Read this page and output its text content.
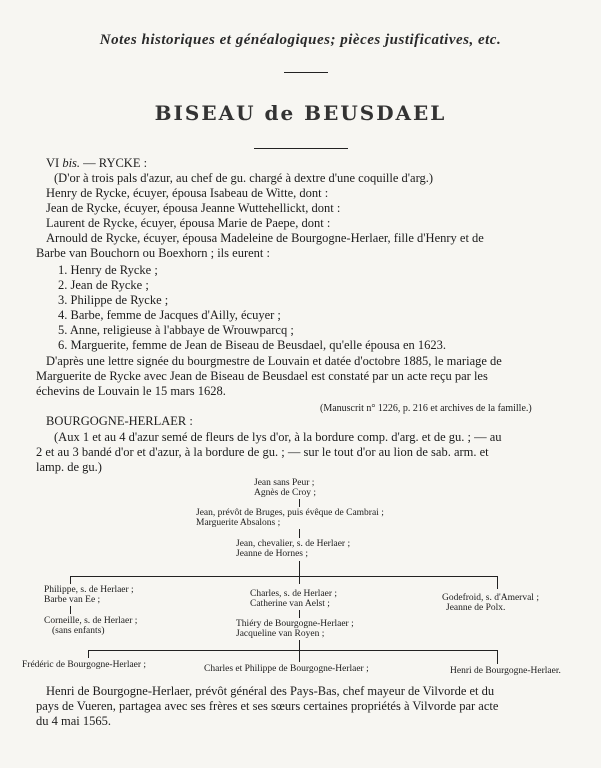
Notes historiques et généalogiques; pièces justificatives, etc.
BISEAU de BEUSDAEL
VI bis. — RYCKE :
(D'or à trois pals d'azur, au chef de gu. chargé à dextre d'une coquille d'arg.)
Henry de Rycke, écuyer, épousa Isabeau de Witte, dont :
Jean de Rycke, écuyer, épousa Jeanne Wuttehellickt, dont :
Laurent de Rycke, écuyer, épousa Marie de Paepe, dont :
Arnould de Rycke, écuyer, épousa Madeleine de Bourgogne-Herlaer, fille d'Henry et de
Barbe van Bouchorn ou Boexhorn ; ils eurent :
1. Henry de Rycke ;
2. Jean de Rycke ;
3. Philippe de Rycke ;
4. Barbe, femme de Jacques d'Ailly, écuyer ;
5. Anne, religieuse à l'abbaye de Wrouwparcq ;
6. Marguerite, femme de Jean de Biseau de Beusdael, qu'elle épousa en 1623.
D'après une lettre signée du bourgmestre de Louvain et datée d'octobre 1885, le mariage de
Marguerite de Rycke avec Jean de Biseau de Beusdael est constaté par un acte reçu par les
échevins de Louvain le 15 mars 1628.
(Manuscrit n° 1226, p. 216 et archives de la famille.)
BOURGOGNE-HERLAER :
(Aux 1 et au 4 d'azur semé de fleurs de lys d'or, à la bordure comp. d'arg. et de gu. ; — au
2 et au 3 bandé d'or et d'azur, à la bordure de gu. ; — sur le tout d'or au lion de sab. arm. et
lamp. de gu.)
Jean sans Peur ;
Agnès de Croy ;
Jean, prévôt de Bruges, puis évêque de Cambrai ;
Marguerite Absalons ;
Jean, chevalier, s. de Herlaer ;
Jeanne de Hornes ;
Philippe, s. de Herlaer ;
Barbe van Ee ;
Corneille, s. de Herlaer ;
(sans enfants)
Charles, s. de Herlaer ;
Catherine van Aelst ;
Thiéry de Bourgogne-Herlaer ;
Jacqueline van Royen ;
Godefroid, s. d'Amerval ;
Jeanne de Polx.
Frédéric de Bourgogne-Herlaer ;	Charles et Philippe de Bourgogne-Herlaer ;	Henri de Bourgogne-Herlaer.
Henri de Bourgogne-Herlaer, prévôt général des Pays-Bas, chef mayeur de Vilvorde et du
pays de Vueren, partagea avec ses frères et ses sœurs certaines propriétés à Vilvorde par acte
du 4 mai 1565.
